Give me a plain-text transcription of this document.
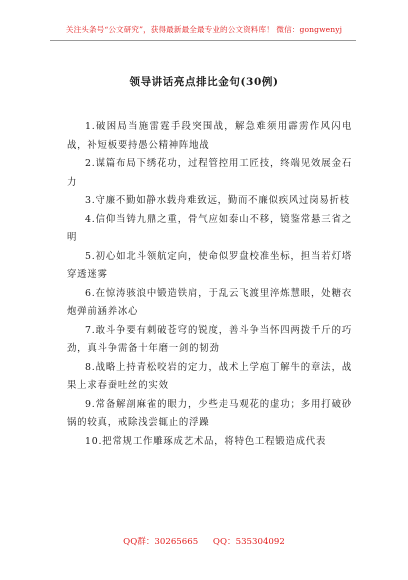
关注头条号“公文研究”，获得最新最全最专业的公文资料库！ 微信：gongwenyj
领导讲话亮点排比金句(30例)

1.破困局当施雷霆手段突围战，解急难须用霹雳作风闪电战，补短板要持愚公精神阵地战

2.谋篇布局下绣花功，过程管控用工匠技，终端见效展金石力

3.守廉不勤如静水载舟难致远，勤而不廉似疾风过岗易折枝

4.信仰当铸九鼎之重，骨气应如泰山不移，镜鉴常悬三省之明

5.初心如北斗领航定向，使命似罗盘校准坐标，担当若灯塔穿透迷雾

6.在惊涛骇浪中锻造铁肩，于乱云飞渡里淬炼慧眼，处糖衣炮弹前涵养冰心

7.敢斗争要有刺破苍穹的锐度，善斗争当怀四两拨千斤的巧劲，真斗争需备十年磨一剑的韧劲

8.战略上持青松咬岩的定力，战术上学庖丁解牛的章法，战果上求春蚕吐丝的实效

9.常备解剖麻雀的眼力，少些走马观花的虚功；多用打破砂锅的较真，戒除浅尝辄止的浮躁

10.把常规工作雕琢成艺术品，将特色工程锻造成代表

QQ群：30265665 QQ：535304092
